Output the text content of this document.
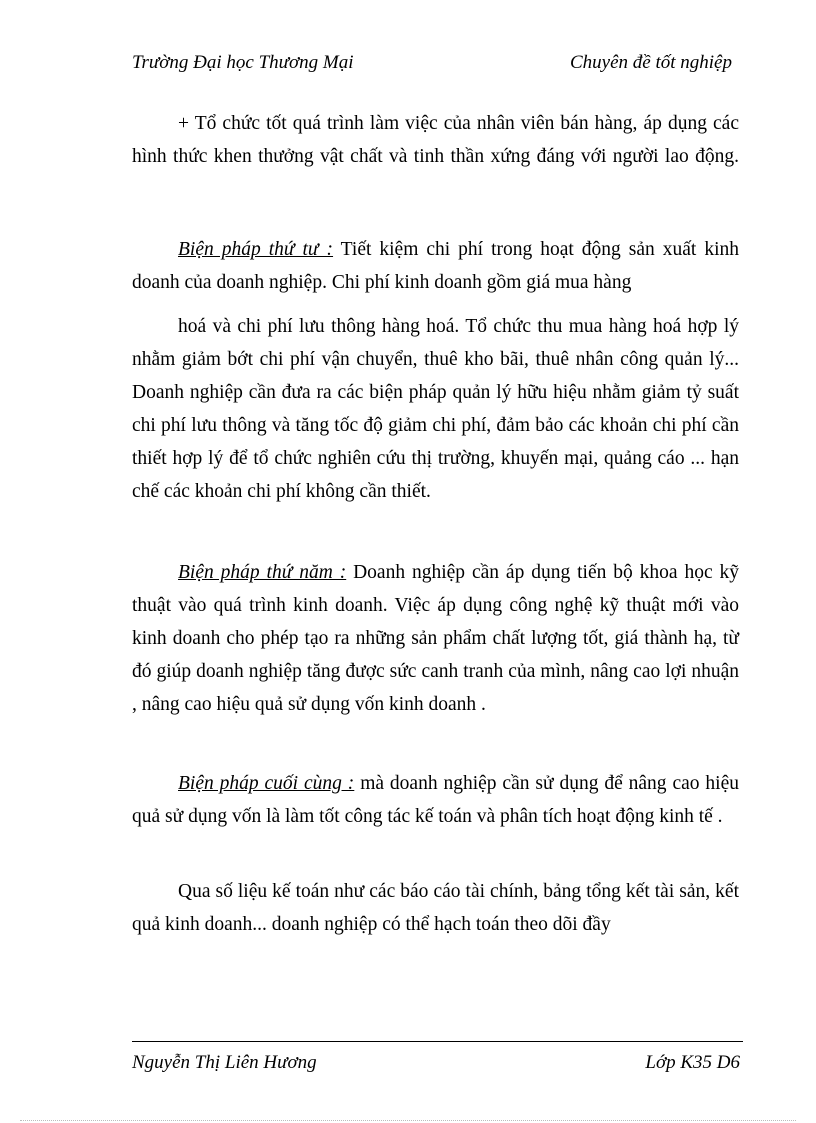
Trường Đại học Thương Mại	Chuyên đề tốt nghiệp

+ Tổ chức tốt quá trình làm việc của nhân viên bán hàng, áp dụng các hình thức khen thưởng vật chất và tinh thần xứng đáng với người lao động.

Biện pháp thứ tư : Tiết kiệm chi phí trong hoạt động sản xuất kinh doanh của doanh nghiệp. Chi phí kinh doanh gồm giá mua hàng

hoá và chi phí lưu thông hàng hoá. Tổ chức thu mua hàng hoá hợp lý nhằm giảm bớt chi phí vận chuyển, thuê kho bãi, thuê nhân công quản lý... Doanh nghiệp cần đưa ra các biện pháp quản lý hữu hiệu nhằm giảm tỷ suất chi phí lưu thông và tăng tốc độ giảm chi phí, đảm bảo các khoản chi phí cần thiết hợp lý để tổ chức nghiên cứu thị trường, khuyến mại, quảng cáo ... hạn chế các khoản chi phí không cần thiết.

Biện pháp thứ năm : Doanh nghiệp cần áp dụng tiến bộ khoa học kỹ thuật vào quá trình kinh doanh. Việc áp dụng công nghệ kỹ thuật mới vào kinh doanh cho phép tạo ra những sản phẩm chất lượng tốt, giá thành hạ, từ đó giúp doanh nghiệp tăng được sức canh tranh của mình, nâng cao lợi nhuận , nâng cao hiệu quả sử dụng vốn kinh doanh .

Biện pháp cuối cùng : mà doanh nghiệp cần sử dụng để nâng cao hiệu quả sử dụng vốn là làm tốt công tác kế toán và phân tích hoạt động kinh tế .

Qua số liệu kế toán như các báo cáo tài chính, bảng tổng kết tài sản, kết quả kinh doanh... doanh nghiệp có thể hạch toán theo dõi đầy

Nguyễn Thị Liên Hương	Lớp K35 D6
